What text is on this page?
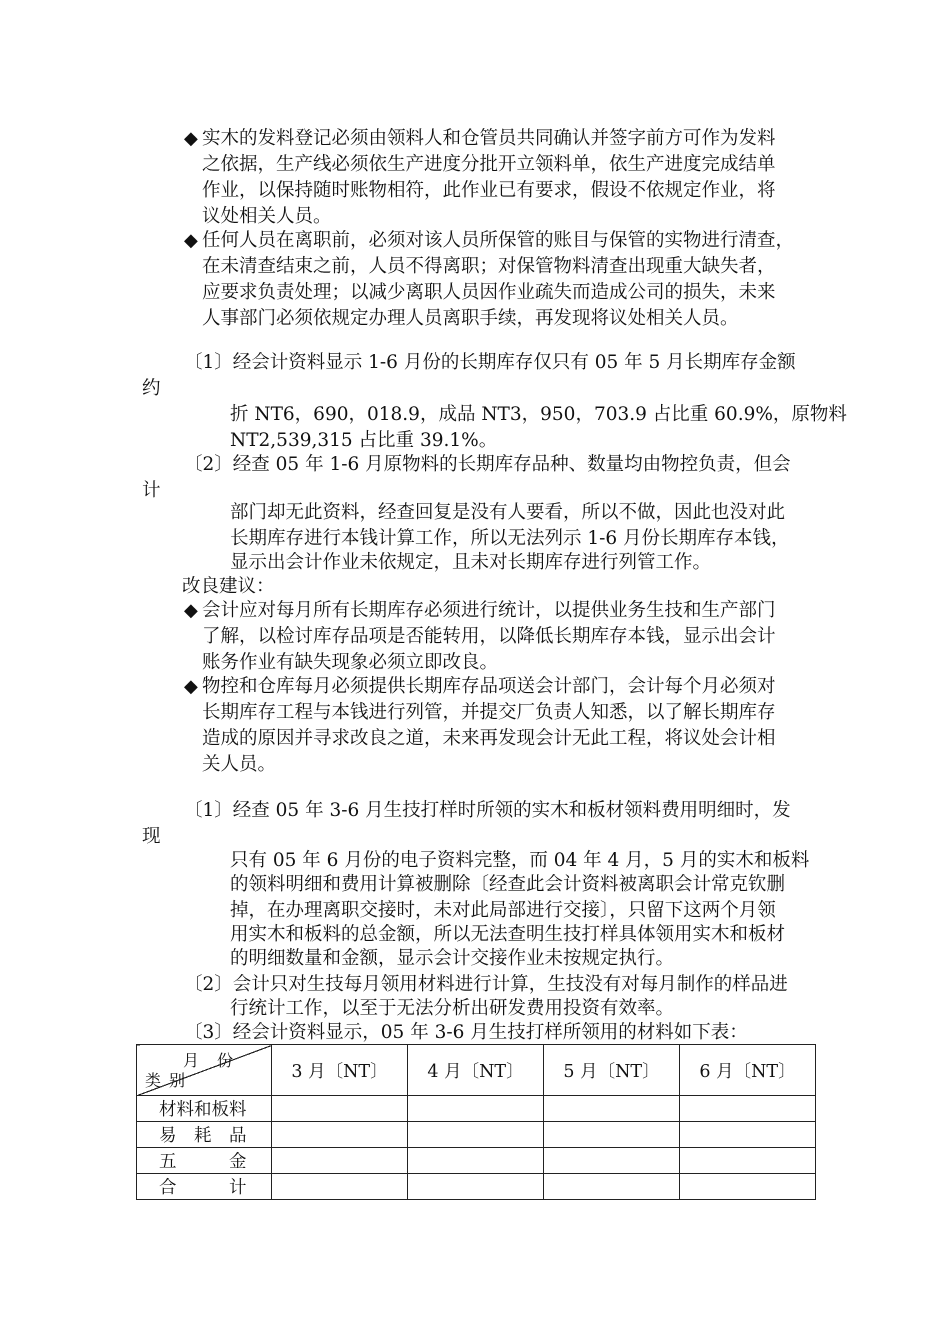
◆ 实木的发料登记必须由领料人和仓管员共同确认并签字前方可作为发料
之依据，生产线必须依生产进度分批开立领料单，依生产进度完成结单
作业，以保持随时账物相符，此作业已有要求，假设不依规定作业，将
议处相关人员。
◆ 任何人员在离职前，必须对该人员所保管的账目与保管的实物进行清查，
在未清查结束之前，人员不得离职；对保管物料清查出现重大缺失者，
应要求负责处理；以减少离职人员因作业疏失而造成公司的损失，未来
人事部门必须依规定办理人员离职手续，再发现将议处相关人员。
〔1〕经会计资料显示 1-6 月份的长期库存仅只有 05 年 5 月长期库存金额
约
折 NT6，690，018.9，成品 NT3，950，703.9 占比重 60.9%，原物料
NT2,539,315 占比重 39.1%。
〔2〕经查 05 年 1-6 月原物料的长期库存品种、数量均由物控负责，但会
计
部门却无此资料，经查回复是没有人要看，所以不做，因此也没对此
长期库存进行本钱计算工作，所以无法列示 1-6 月份长期库存本钱，
显示出会计作业未依规定，且未对长期库存进行列管工作。
改良建议：
◆ 会计应对每月所有长期库存必须进行统计，以提供业务生技和生产部门
了解，以检讨库存品项是否能转用，以降低长期库存本钱，显示出会计
账务作业有缺失现象必须立即改良。
◆ 物控和仓库每月必须提供长期库存品项送会计部门，会计每个月必须对
长期库存工程与本钱进行列管，并提交厂负责人知悉，以了解长期库存
造成的原因并寻求改良之道，未来再发现会计无此工程，将议处会计相
关人员。
〔1〕经查 05 年 3-6 月生技打样时所领的实木和板材领料费用明细时，发
现
只有 05 年 6 月份的电子资料完整，而 04 年 4 月，5 月的实木和板料
的领料明细和费用计算被删除〔经查此会计资料被离职会计常克钦删
掉，在办理离职交接时，未对此局部进行交接〕，只留下这两个月领
用实木和板料的总金额，所以无法查明生技打样具体领用实木和板材
的明细数量和金额，显示会计交接作业未按规定执行。
〔2〕会计只对生技每月领用材料进行计算，生技没有对每月制作的样品进
行统计工作，以至于无法分析出研发费用投资有效率。
〔3〕经会计资料显示，05 年 3-6 月生技打样所领用的材料如下表：
月份
类别	3 月〔NT〕	4 月〔NT〕	5 月〔NT〕	6 月〔NT〕
材料和板料				
易　耗　品				
五　　　金				
合　　　计				
